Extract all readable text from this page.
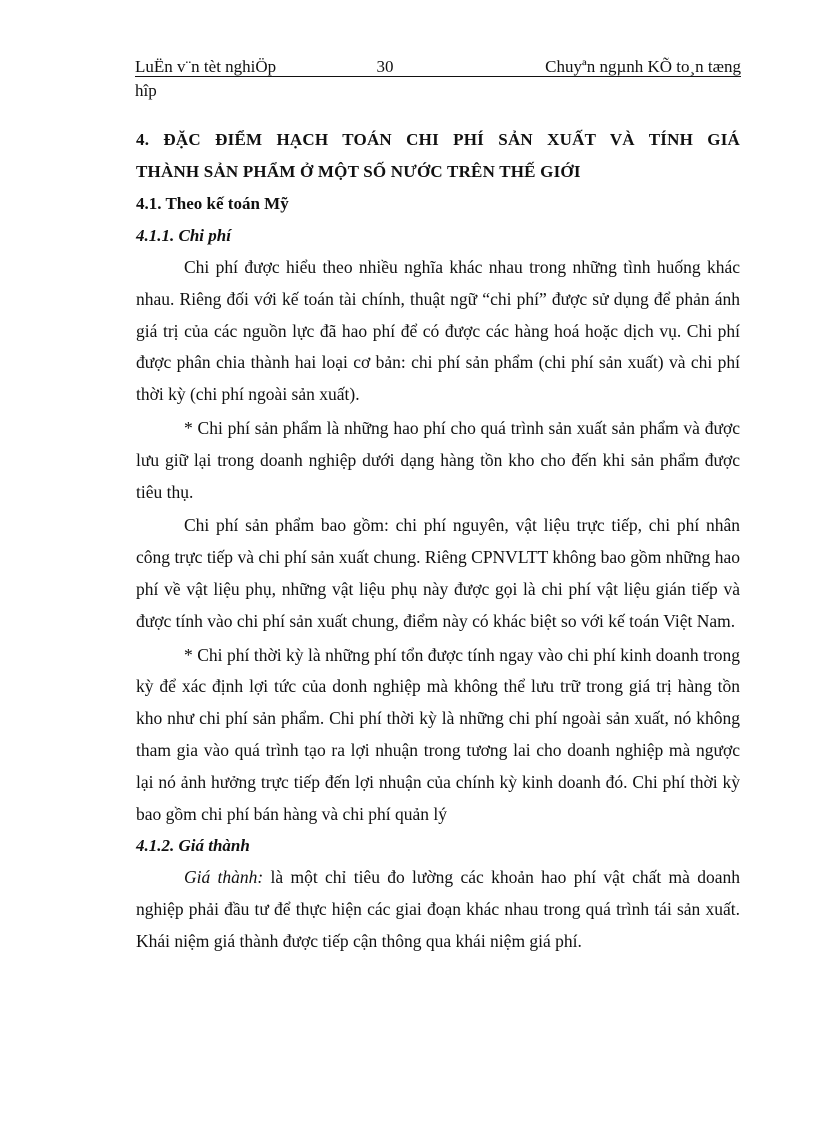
LuËn v¨n tèt nghiÖp	30	Chuyªn ngµnh KÕ to¸n tæng
hîp
4. ĐẶC ĐIỂM HẠCH TOÁN CHI PHÍ SẢN XUẤT VÀ TÍNH GIÁ
THÀNH SẢN PHẨM Ở MỘT SỐ NƯỚC TRÊN THẾ GIỚI
4.1. Theo kế toán Mỹ
4.1.1. Chi phí

Chi phí được hiểu theo nhiều nghĩa khác nhau trong những tình huống khác nhau. Riêng đối với kế toán tài chính, thuật ngữ “chi phí” được sử dụng để phản ánh giá trị của các nguồn lực đã hao phí để có được các hàng hoá hoặc dịch vụ. Chi phí được phân chia thành hai loại cơ bản: chi phí sản phẩm (chi phí sản xuất) và chi phí thời kỳ (chi phí ngoài sản xuất).

* Chi phí sản phẩm là những hao phí cho quá trình sản xuất sản phẩm và được lưu giữ lại trong doanh nghiệp dưới dạng hàng tồn kho cho đến khi sản phẩm được tiêu thụ.

Chi phí sản phẩm bao gồm: chi phí nguyên, vật liệu trực tiếp, chi phí nhân công trực tiếp và chi phí sản xuất chung. Riêng CPNVLTT không bao gồm những hao phí về vật liệu phụ, những vật liệu phụ này được gọi là chi phí vật liệu gián tiếp và được tính vào chi phí sản xuất chung, điểm này có khác biệt so với kế toán Việt Nam.

* Chi phí thời kỳ là những phí tổn được tính ngay vào chi phí kinh doanh trong kỳ để xác định lợi tức của donh nghiệp mà không thể lưu trữ trong giá trị hàng tồn kho như chi phí sản phẩm. Chi phí thời kỳ là những chi phí ngoài sản xuất, nó không tham gia vào quá trình tạo ra lợi nhuận trong tương lai cho doanh nghiệp mà ngược lại nó ảnh hưởng trực tiếp đến lợi nhuận của chính kỳ kinh doanh đó. Chi phí thời kỳ bao gồm chi phí bán hàng và chi phí quản lý

4.1.2. Giá thành

Giá thành: là một chỉ tiêu đo lường các khoản hao phí vật chất mà doanh nghiệp phải đầu tư để thực hiện các giai đoạn khác nhau trong quá trình tái sản xuất. Khái niệm giá thành được tiếp cận thông qua khái niệm giá phí.
